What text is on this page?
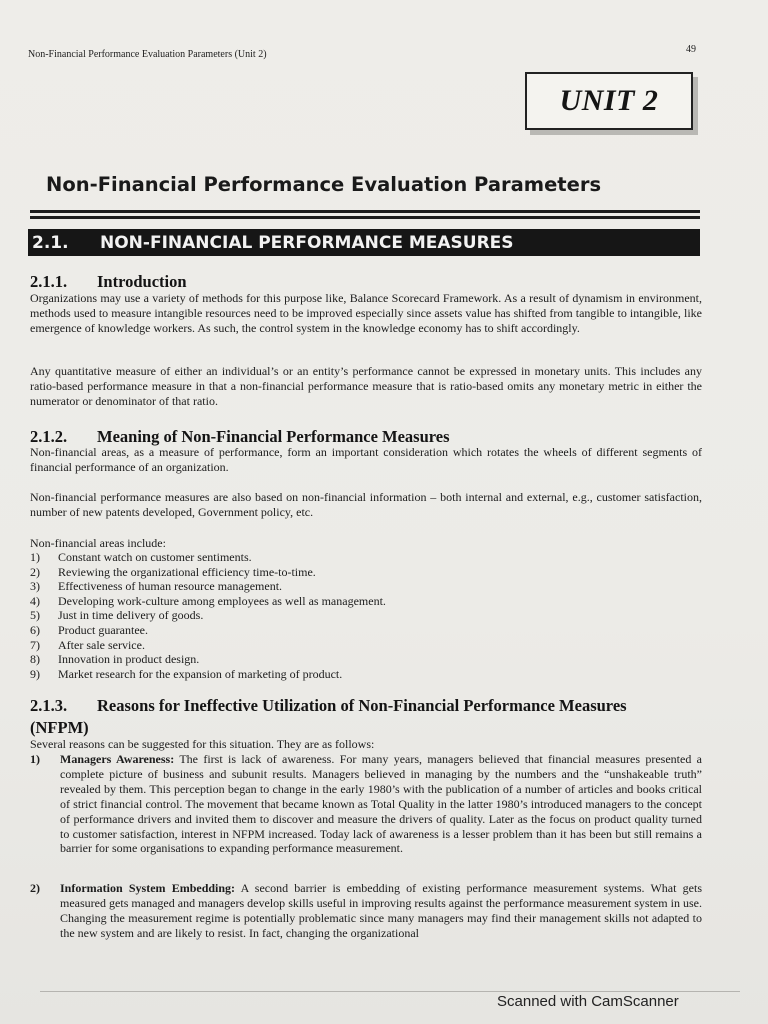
Non-Financial Performance Evaluation Parameters (Unit 2)	49
UNIT 2
Non-Financial Performance Evaluation Parameters
2.1.	NON-FINANCIAL PERFORMANCE MEASURES
2.1.1. Introduction

Organizations may use a variety of methods for this purpose like, Balance Scorecard Framework. As a result of dynamism in environment, methods used to measure intangible resources need to be improved especially since assets value has shifted from tangible to intangible, like emergence of knowledge workers. As such, the control system in the knowledge economy has to shift accordingly.

Any quantitative measure of either an individual’s or an entity’s performance cannot be expressed in monetary units. This includes any ratio-based performance measure in that a non-financial performance measure that is ratio-based omits any monetary metric in either the numerator or denominator of that ratio.

2.1.2. Meaning of Non-Financial Performance Measures

Non-financial areas, as a measure of performance, form an important consideration which rotates the wheels of different segments of financial performance of an organization.

Non-financial performance measures are also based on non-financial information – both internal and external, e.g., customer satisfaction, number of new patents developed, Government policy, etc.

Non-financial areas include:

1)	Constant watch on customer sentiments.
2)	Reviewing the organizational efficiency time-to-time.
3)	Effectiveness of human resource management.
4)	Developing work-culture among employees as well as management.
5)	Just in time delivery of goods.
6)	Product guarantee.
7)	After sale service.
8)	Innovation in product design.
9)	Market research for the expansion of marketing of product.
2.1.3. Reasons for Ineffective Utilization of Non-Financial Performance Measures
(NFPM)

Several reasons can be suggested for this situation. They are as follows:

1)	Managers Awareness: The first is lack of awareness. For many years, managers believed that financial measures presented a complete picture of business and subunit results. Managers believed in managing by the numbers and the “unshakeable truth” revealed by them. This perception began to change in the early 1980’s with the publication of a number of articles and books critical of strict financial control. The movement that became known as Total Quality in the latter 1980’s introduced managers to the concept of performance drivers and invited them to discover and measure the drivers of quality. Later as the focus on product quality turned to customer satisfaction, interest in NFPM increased. Today lack of awareness is a lesser problem than it has been but still remains a barrier for some organisations to expanding performance measurement.

2)	Information System Embedding: A second barrier is embedding of existing performance measurement systems. What gets measured gets managed and managers develop skills useful in improving results against the performance measurement system in use. Changing the measurement regime is potentially problematic since many managers may find their management skills not adapted to the new system and are likely to resist. In fact, changing the organizational

Scanned with CamScanner
